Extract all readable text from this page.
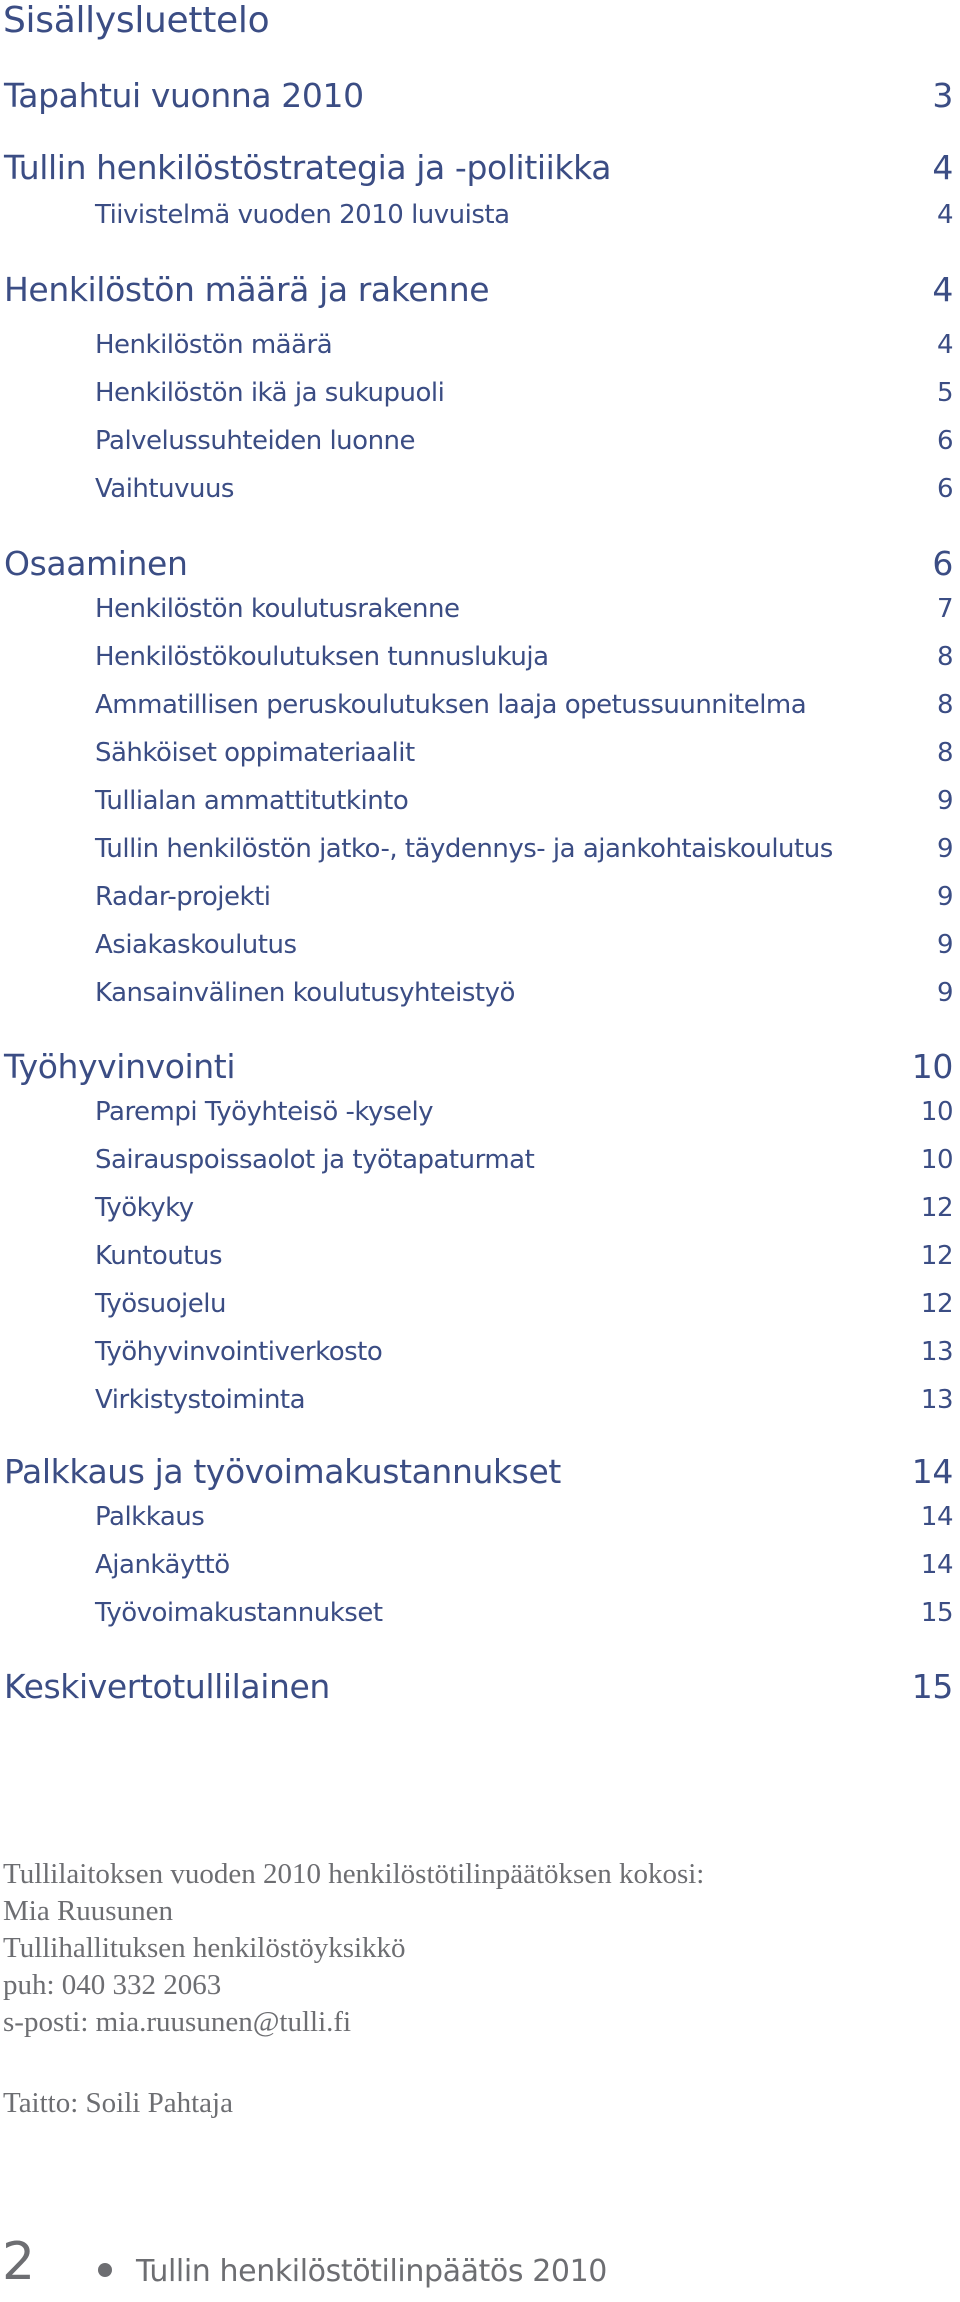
Sisällysluettelo
Tapahtui vuonna 2010	3
Tullin henkilöstöstrategia ja -politiikka	4
Tiivistelmä vuoden 2010 luvuista	4
Henkilöstön määrä ja rakenne	4
Henkilöstön määrä	4
Henkilöstön ikä ja sukupuoli	5
Palvelussuhteiden luonne	6
Vaihtuvuus	6
Osaaminen	6
Henkilöstön koulutusrakenne	7
Henkilöstökoulutuksen tunnuslukuja	8
Ammatillisen peruskoulutuksen laaja opetussuunnitelma	8
Sähköiset oppimateriaalit	8
Tullialan ammattitutkinto	9
Tullin henkilöstön jatko-, täydennys- ja ajankohtaiskoulutus	9
Radar-projekti	9
Asiakaskoulutus	9
Kansainvälinen koulutusyhteistyö	9
Työhyvinvointi	10
Parempi Työyhteisö -kysely	10
Sairauspoissaolot ja työtapaturmat	10
Työkyky	12
Kuntoutus	12
Työsuojelu	12
Työhyvinvointiverkosto	13
Virkistystoiminta	13
Palkkaus ja työvoimakustannukset	14
Palkkaus	14
Ajankäyttö	14
Työvoimakustannukset	15
Keskivertotullilainen	15
Tullilaitoksen vuoden 2010 henkilöstötilinpäätöksen kokosi:
Mia Ruusunen
Tullihallituksen henkilöstöyksikkö
puh: 040 332 2063
s-posti: mia.ruusunen@tulli.fi
Taitto: Soili Pahtaja
2	Tullin henkilöstötilinpäätös 2010
